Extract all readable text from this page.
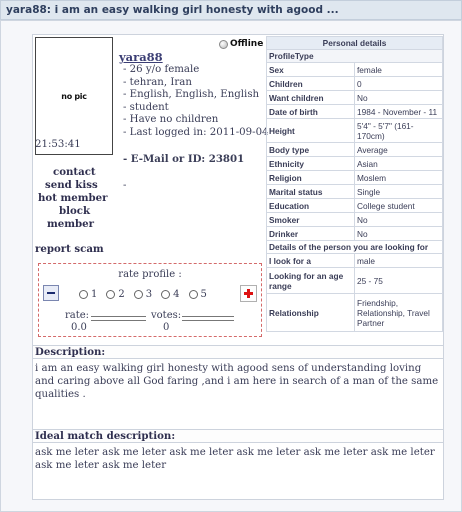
yara88: i am an easy walking girl honesty with agood ...
no pic
Offline
yara88
- 26 y/o female
- tehran, Iran
- English, English, English
- student
- Have no children
- Last logged in: 2011-09-04
21:53:41
- E-Mail or ID: 23801
-
contact
send kiss
hot member
block
member
report scam
rate profile :
1 2 3 4 5
rate:
0.0
votes:
0
Personal details	
ProfileType	
Sex	female
Children	0
Want children	No
Date of birth	1984 - November - 11
Height	5'4" - 5'7" (161-170cm)
Body type	Average
Ethnicity	Asian
Religion	Moslem
Marital status	Single
Education	College student
Smoker	No
Drinker	No
Details of the person you are looking for	
I look for a	male
Looking for an age range	25 - 75
Relationship	Friendship, Relationship, Travel Partner
Description:
i am an easy walking girl honesty with agood sens of understanding loving and caring above all God faring ,and i am here in search of a man of the same qualities .
Ideal match description:
ask me leter ask me leter ask me leter ask me leter ask me leter ask me leter ask me leter ask me leter
